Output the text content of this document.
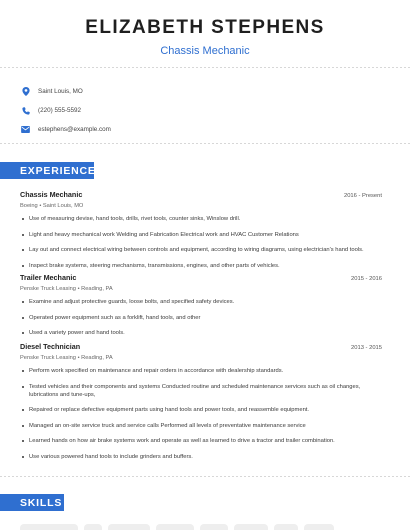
ELIZABETH STEPHENS
Chassis Mechanic
Saint Louis, MO
(220) 555-5592
estephens@example.com
EXPERIENCE
Chassis Mechanic	2016 - Present
Boeing • Saint Louis, MO
Use of measuring devise, hand tools, drills, rivet tools, counter sinks, Winslow drill.
Light and heavy mechanical work Welding and Fabrication Electrical work and HVAC Customer Relations
Lay out and connect electrical wiring between controls and equipment, according to wiring diagrams, using electrician's hand tools.
Inspect brake systems, steering mechanisms, transmissions, engines, and other parts of vehicles.
Trailer Mechanic	2015 - 2016
Penske Truck Leasing • Reading, PA
Examine and adjust protective guards, loose bolts, and specified safety devices.
Operated power equipment such as a forklift, hand tools, and other
Used a variety power and hand tools.
Diesel Technician	2013 - 2015
Penske Truck Leasing • Reading, PA
Perform work specified on maintenance and repair orders in accordance with dealership standards.
Tested vehicles and their components and systems Conducted routine and scheduled maintenance services such as oil changes, lubrications and tune-ups,
Repaired or replace defective equipment parts using hand tools and power tools, and reassemble equipment.
Managed an on-site service truck and service calls Performed all levels of preventative maintenance service
Learned hands on how air brake systems work and operate as well as learned to drive a tractor and trailer combination.
Use various powered hand tools to include grinders and buffers.
SKILLS
